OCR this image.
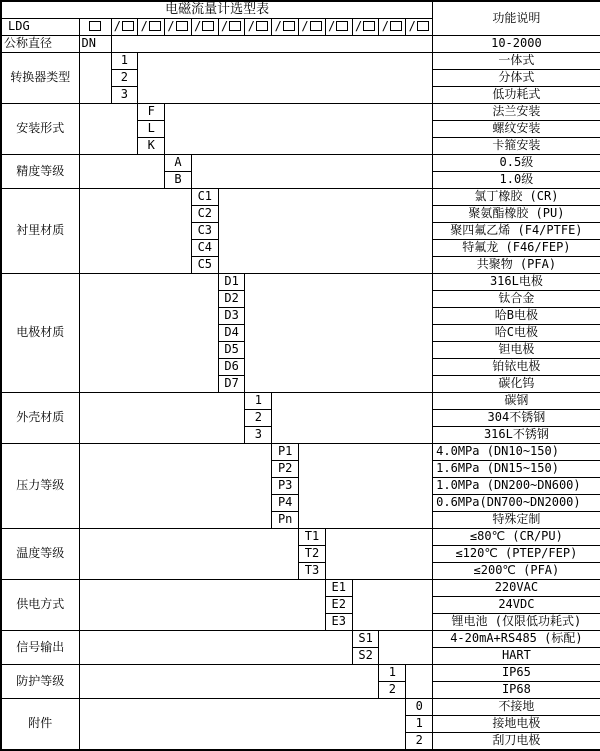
电磁流量计选型表														功能说明
LDG		/	/	/	/	/	/	/	/	/	/	/	/	
公称直径	DN													10-2000
转换器类型		1												一体式
		2												分体式
		3												低功耗式
安装形式			F											法兰安装
			L											螺纹安装
			K											卡箍安装
精度等级				A										0.5级
				B										1.0级
衬里材质					C1									氯丁橡胶 (CR)
					C2									聚氨酯橡胶 (PU)
					C3									聚四氟乙烯 (F4/PTFE)
					C4									特氟龙 (F46/FEP)
					C5									共聚物 (PFA)
电极材质						D1								316L电极
						D2								钛合金
						D3								哈B电极
						D4								哈C电极
						D5								钽电极
						D6								铂铱电极
						D7								碳化钨
外壳材质							1							碳钢
							2							304不锈钢
							3							316L不锈钢
压力等级								P1						4.0MPa (DN10~150)
								P2						1.6MPa (DN15~150)
								P3						1.0MPa (DN200~DN600)
								P4						0.6MPa(DN700~DN2000)
								Pn						特殊定制
温度等级									T1					≤80℃ (CR/PU)
									T2					≤120℃ (PTEP/FEP)
									T3					≤200℃ (PFA)
供电方式										E1				220VAC
										E2				24VDC
										E3				锂电池 (仅限低功耗式)
信号输出											S1			4-20mA+RS485 (标配)
											S2			HART
防护等级												1		IP65
												2		IP68
附件													0	不接地
													1	接地电极
													2	刮刀电极
